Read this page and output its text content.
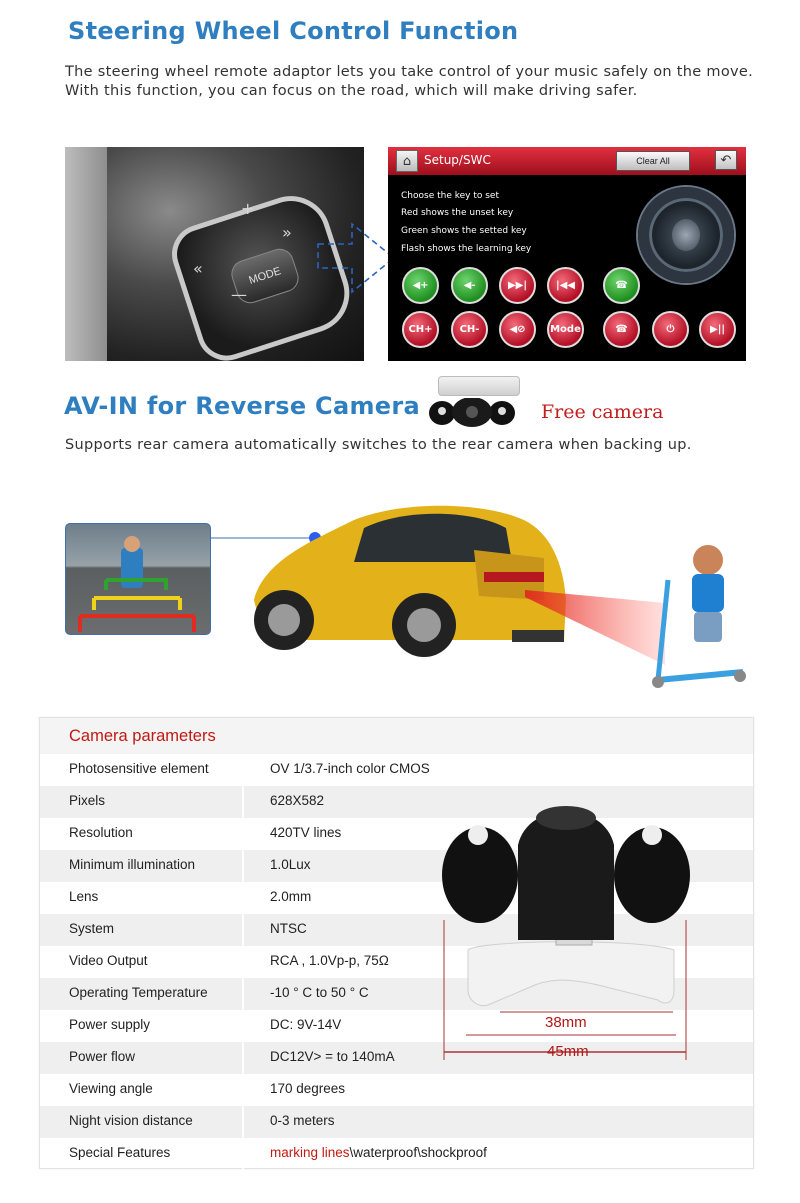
Steering Wheel Control Function
The steering wheel remote adaptor lets you take control of your music safely on the move.
With this function, you can focus on the road, which will make driving safer.
MODE
+
—
«
»
⌂	Setup/SWC	Clear All	↶
Choose the key to set
Red shows the unset key
Green shows the setted key
Flash shows the learning key
◀+	◀-	▶▶|	|◀◀	☎
CH+	CH-	◀⊘	Mode	☎	⏻	▶||
AV-IN for Reverse Camera	Free camera
Supports rear camera automatically switches to the rear camera when backing up.
Camera parameters
Photosensitive element	OV 1/3.7-inch color CMOS
Pixels	628X582
Resolution	420TV lines
Minimum illumination	1.0Lux
Lens	2.0mm
System	NTSC
Video Output	RCA , 1.0Vp-p, 75Ω
Operating Temperature	-10 ° C to 50 ° C
Power supply	DC: 9V-14V
Power flow	DC12V> = to 140mA
Viewing angle	170 degrees
Night vision distance	0-3 meters
Special Features	marking lines\waterproof\shockproof
38mm
45mm
